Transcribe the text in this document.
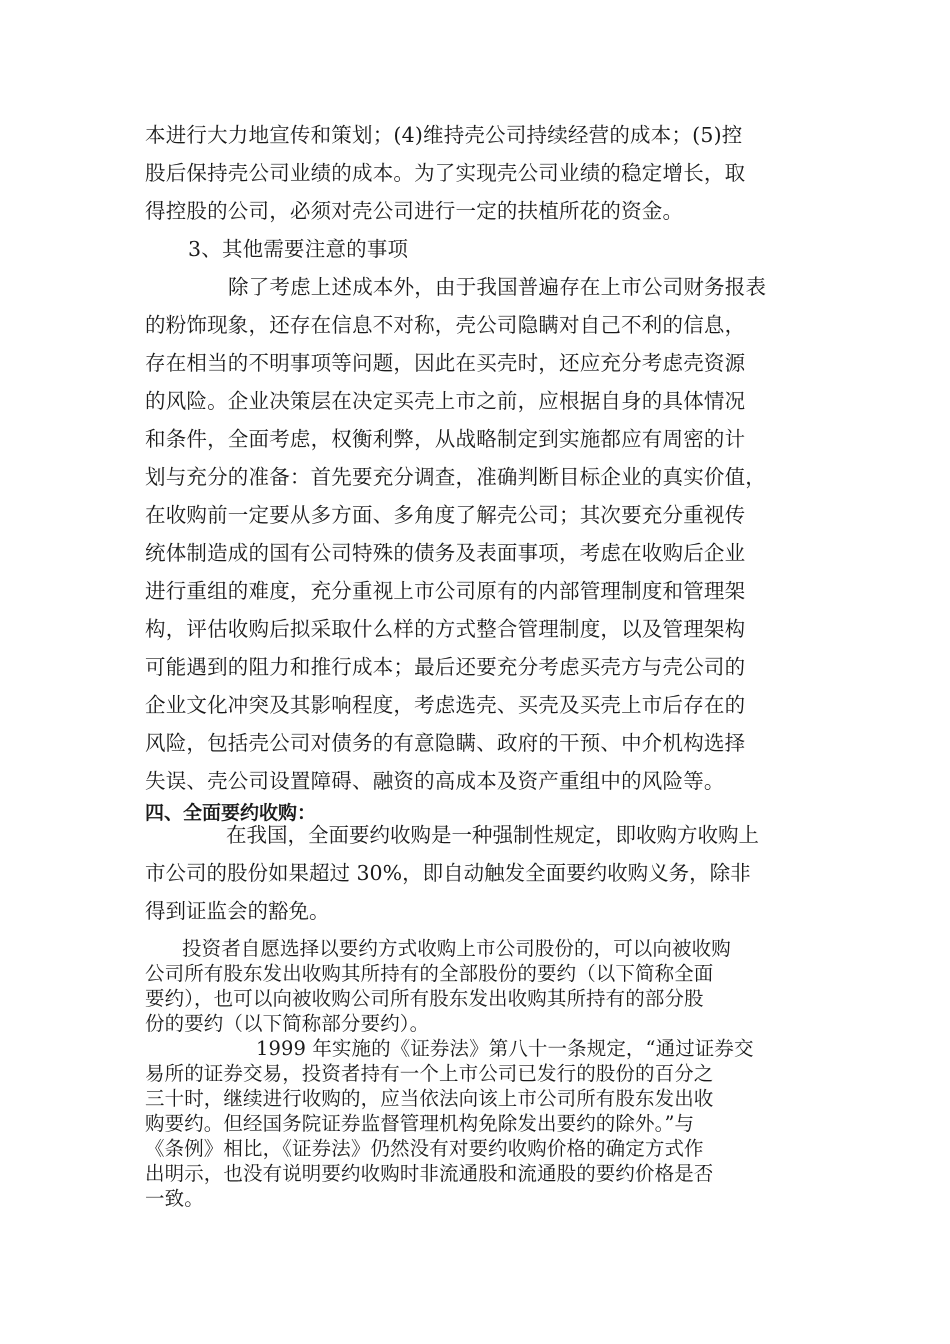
本进行大力地宣传和策划；(4)维持壳公司持续经营的成本；(5)控
股后保持壳公司业绩的成本。为了实现壳公司业绩的稳定增长，取
得控股的公司，必须对壳公司进行一定的扶植所花的资金。
3、其他需要注意的事项
除了考虑上述成本外，由于我国普遍存在上市公司财务报表
的粉饰现象，还存在信息不对称，壳公司隐瞒对自己不利的信息，
存在相当的不明事项等问题，因此在买壳时，还应充分考虑壳资源
的风险。企业决策层在决定买壳上市之前，应根据自身的具体情况
和条件，全面考虑，权衡利弊，从战略制定到实施都应有周密的计
划与充分的准备：首先要充分调查，准确判断目标企业的真实价值，
在收购前一定要从多方面、多角度了解壳公司；其次要充分重视传
统体制造成的国有公司特殊的债务及表面事项，考虑在收购后企业
进行重组的难度，充分重视上市公司原有的内部管理制度和管理架
构，评估收购后拟采取什么样的方式整合管理制度，以及管理架构
可能遇到的阻力和推行成本；最后还要充分考虑买壳方与壳公司的
企业文化冲突及其影响程度，考虑选壳、买壳及买壳上市后存在的
风险，包括壳公司对债务的有意隐瞒、政府的干预、中介机构选择
失误、壳公司设置障碍、融资的高成本及资产重组中的风险等。
四、全面要约收购：
在我国，全面要约收购是一种强制性规定，即收购方收购上
市公司的股份如果超过 30%，即自动触发全面要约收购义务，除非
得到证监会的豁免。
投资者自愿选择以要约方式收购上市公司股份的，可以向被收购
公司所有股东发出收购其所持有的全部股份的要约（以下简称全面
要约），也可以向被收购公司所有股东发出收购其所持有的部分股
份的要约（以下简称部分要约）。
1999 年实施的《证券法》第八十一条规定，“通过证券交
易所的证券交易，投资者持有一个上市公司已发行的股份的百分之
三十时，继续进行收购的，应当依法向该上市公司所有股东发出收
购要约。但经国务院证券监督管理机构免除发出要约的除外。”与
《条例》相比，《证券法》仍然没有对要约收购价格的确定方式作
出明示，也没有说明要约收购时非流通股和流通股的要约价格是否
一致。
